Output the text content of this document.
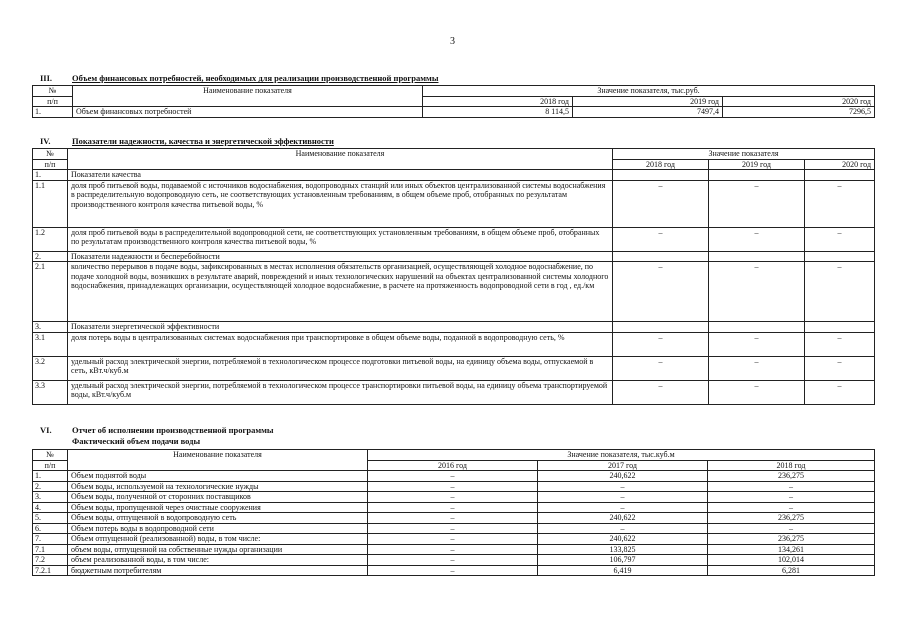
3
III. Объем финансовых потребностей, необходимых для реализации производственной программы
№	Наименование показателя	Значение показателя, тыс.руб.		
п/п		2018 год	2019 год	2020 год
1.	Объем финансовых потребностей	8 114,5	7497,4	7296,5
IV.	Показатели надежности, качества и энергетической эффективности
№	Наименование показателя	Значение показателя		
п/п		2018 год	2019 год	2020 год
1.	Показатели качества			
1.1	доля проб питьевой воды, подаваемой с источников водоснабжения, водопроводных станций или иных объектов централизованной системы водоснабжения в распределительную водопроводную сеть, не соответствующих установленным требованиям, в общем объеме проб, отобранных по результатам производственного контроля качества питьевой воды, %	–	–	–
1.2	доля проб питьевой воды в распределительной водопроводной сети, не соответствующих установленным требованиям, в общем объеме проб, отобранных по результатам производственного контроля качества питьевой воды, %	–	–	–
2.	Показатели надежности и бесперебойности			
2.1	количество перерывов в подаче воды, зафиксированных в местах исполнения обязательств организацией, осуществляющей холодное водоснабжение, по подаче холодной воды, возникших в результате аварий, повреждений и иных технологических нарушений на объектах централизованной системы холодного водоснабжения, принадлежащих организации, осуществляющей холодное водоснабжение, в расчете на протяженность водопроводной сети в год , ед./км	–	–	–
3.	Показатели энергетической эффективности			
3.1	доля потерь воды в централизованных системах водоснабжения при транспортировке в общем объеме воды, поданной в водопроводную сеть, %	–	–	–
3.2	удельный расход электрической энергии, потребляемой в технологическом процессе подготовки питьевой воды, на единицу объема воды, отпускаемой в сеть, кВт.ч/куб.м	–	–	–
3.3	удельный расход электрической энергии, потребляемой в технологическом процессе транспортировки питьевой воды, на единицу объема транспортируемой воды, кВт.ч/куб.м	–	–	–
VI. Отчет об исполнении производственной программы
Фактический объем подачи воды
№	Наименование показателя	Значение показателя, тыс.куб.м		
п/п		2016 год	2017 год	2018 год
1.	Объем поднятой воды	–	240,622	236,275
2.	Объем воды, используемой на технологические нужды	–	–	–
3.	Объем воды, полученной от сторонних поставщиков	–	–	–
4.	Объем воды, пропущенной через очистные сооружения	–	–	–
5.	Объем воды, отпущенной в водопроводную сеть	–	240,622	236,275
6.	Объем потерь воды в водопроводной сети	–	–	–
7.	Объем отпущенной (реализованной) воды, в том числе:	–	240,622	236,275
7.1	объем воды, отпущенной на собственные нужды организации	–	133,825	134,261
7.2	объем реализованной воды, в том числе:	–	106,797	102,014
7.2.1	бюджетным потребителям	–	6,419	6,281
